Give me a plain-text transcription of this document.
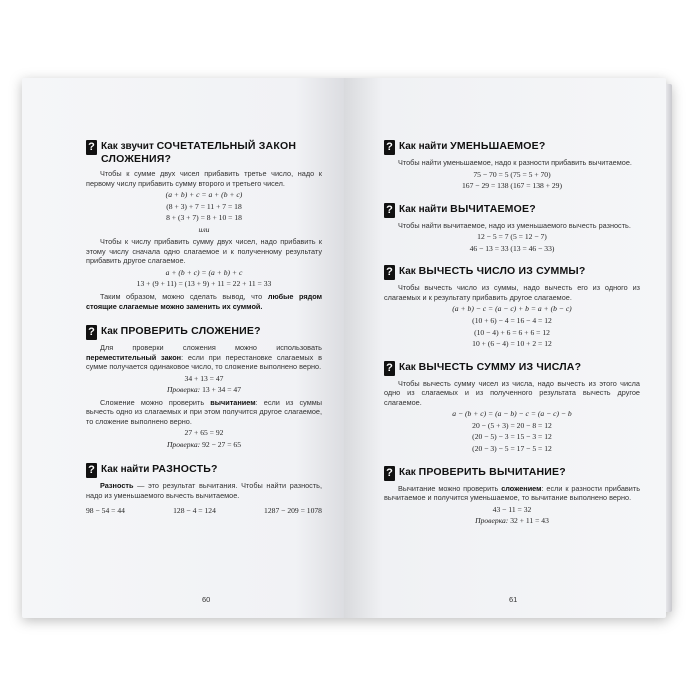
? Как звучит СОЧЕТАТЕЛЬНЫЙ ЗАКОН СЛОЖЕНИЯ?

Чтобы к сумме двух чисел прибавить третье число, надо к первому числу прибавить сумму второго и третьего чисел.

(a + b) + c = a + (b + c)
(8 + 3) + 7 = 11 + 7 = 18
8 + (3 + 7) = 8 + 10 = 18
или

Чтобы к числу прибавить сумму двух чисел, надо прибавить к этому числу сначала одно слагаемое и к полученному результату прибавить другое слагаемое.

a + (b + c) = (a + b) + c
13 + (9 + 11) = (13 + 9) + 11 = 22 + 11 = 33

Таким образом, можно сделать вывод, что любые рядом стоящие слагаемые можно заменить их суммой.

? Как ПРОВЕРИТЬ СЛОЖЕНИЕ?

Для проверки сложения можно использовать переместительный закон: если при перестановке слагаемых в сумме получается одинаковое число, то сложение выполнено верно.

34 + 13 = 47
Проверка: 13 + 34 = 47

Сложение можно проверить вычитанием: если из суммы вычесть одно из слагаемых и при этом получится другое слагаемое, то сложение выполнено верно.

27 + 65 = 92
Проверка: 92 − 27 = 65
? Как найти РАЗНОСТЬ?

Разность — это результат вычитания. Чтобы найти разность, надо из уменьшаемого вычесть вычитаемое.

98 − 54 = 44	128 − 4 = 124	1287 − 209 = 1078
60
? Как найти УМЕНЬШАЕМОЕ?

Чтобы найти уменьшаемое, надо к разности прибавить вычитаемое.

75 − 70 = 5 (75 = 5 + 70)
167 − 29 = 138 (167 = 138 + 29)
? Как найти ВЫЧИТАЕМОЕ?

Чтобы найти вычитаемое, надо из уменьшаемого вычесть разность.

12 − 5 = 7 (5 = 12 − 7)
46 − 13 = 33 (13 = 46 − 33)
? Как ВЫЧЕСТЬ ЧИСЛО ИЗ СУММЫ?

Чтобы вычесть число из суммы, надо вычесть его из одного из слагаемых и к результату прибавить другое слагаемое.

(a + b) − c = (a − c) + b = a + (b − c)
(10 + 6) − 4 = 16 − 4 = 12
(10 − 4) + 6 = 6 + 6 = 12
10 + (6 − 4) = 10 + 2 = 12
? Как ВЫЧЕСТЬ СУММУ ИЗ ЧИСЛА?

Чтобы вычесть сумму чисел из числа, надо вычесть из этого числа одно из слагаемых и из полученного результата вычесть другое слагаемое.

a − (b + c) = (a − b) − c = (a − c) − b
20 − (5 + 3) = 20 − 8 = 12
(20 − 5) − 3 = 15 − 3 = 12
(20 − 3) − 5 = 17 − 5 = 12
? Как ПРОВЕРИТЬ ВЫЧИТАНИЕ?

Вычитание можно проверить сложением: если к разности прибавить вычитаемое и получится уменьшаемое, то вычитание выполнено верно.

43 − 11 = 32
Проверка: 32 + 11 = 43
61
